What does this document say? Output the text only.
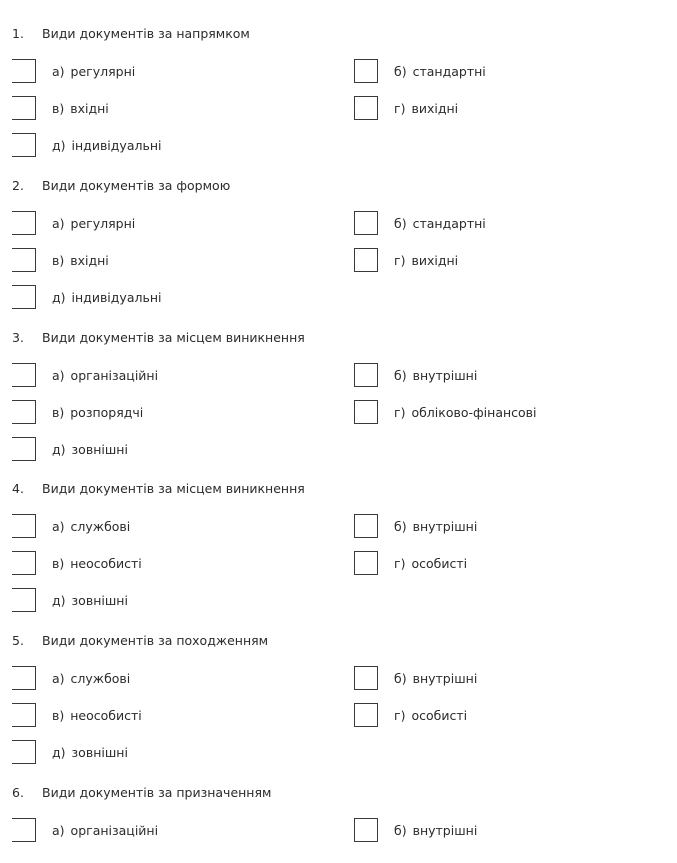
1. Види документів за напрямком
а) регулярні	б) стандартні
в) вхідні	г) вихідні
д) індивідуальні
2. Види документів за формою
а) регулярні	б) стандартні
в) вхідні	г) вихідні
д) індивідуальні
3. Види документів за місцем виникнення
а) організаційні	б) внутрішні
в) розпорядчі	г) обліково-фінансові
д) зовнішні
4. Види документів за місцем виникнення
а) службові	б) внутрішні
в) неособисті	г) особисті
д) зовнішні
5. Види документів за походженням
а) службові	б) внутрішні
в) неособисті	г) особисті
д) зовнішні
6. Види документів за призначенням
а) організаційні	б) внутрішні
